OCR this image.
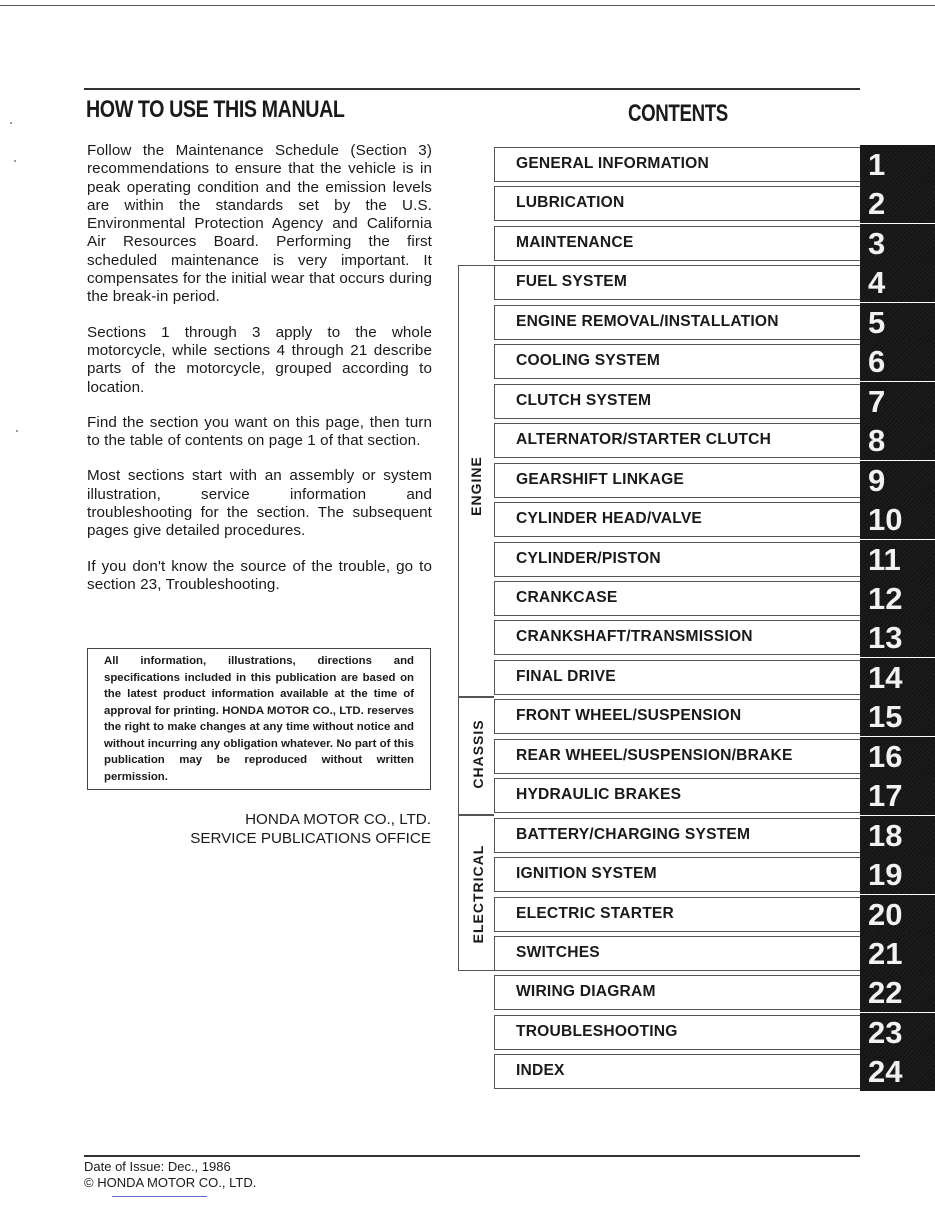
HOW TO USE THIS MANUAL	CONTENTS

Follow the Maintenance Schedule (Section 3) recommendations to ensure that the vehicle is in peak operating condition and the emission levels are within the standards set by the U.S. Environmental Protection Agency and California Air Resources Board. Performing the first scheduled maintenance is very important. It compensates for the initial wear that occurs during the break-in period.

Sections 1 through 3 apply to the whole motorcycle, while sections 4 through 21 describe parts of the motorcycle, grouped according to location.

Find the section you want on this page, then turn to the table of contents on page 1 of that section.

Most sections start with an assembly or system illustration, service information and troubleshooting for the section. The subsequent pages give detailed procedures.

If you don't know the source of the trouble, go to section 23, Troubleshooting.

All information, illustrations, directions and specifications included in this publication are based on the latest product information available at the time of approval for printing. HONDA MOTOR CO., LTD. reserves the right to make changes at any time without notice and without incurring any obligation whatever. No part of this publication may be reproduced without written permission.

HONDA MOTOR CO., LTD.
SERVICE PUBLICATIONS OFFICE
ENGINE
CHASSIS
ELECTRICAL
GENERAL INFORMATION	1
LUBRICATION	2
MAINTENANCE	3
FUEL SYSTEM	4
ENGINE REMOVAL/INSTALLATION	5
COOLING SYSTEM	6
CLUTCH SYSTEM	7
ALTERNATOR/STARTER CLUTCH	8
GEARSHIFT LINKAGE	9
CYLINDER HEAD/VALVE	10
CYLINDER/PISTON	11
CRANKCASE	12
CRANKSHAFT/TRANSMISSION	13
FINAL DRIVE	14
FRONT WHEEL/SUSPENSION	15
REAR WHEEL/SUSPENSION/BRAKE 16
HYDRAULIC BRAKES	17
BATTERY/CHARGING SYSTEM	18
IGNITION SYSTEM	19
ELECTRIC STARTER	20
SWITCHES	21
WIRING DIAGRAM	22
TROUBLESHOOTING	23
INDEX	24
Date of Issue: Dec., 1986
© HONDA MOTOR CO., LTD.
